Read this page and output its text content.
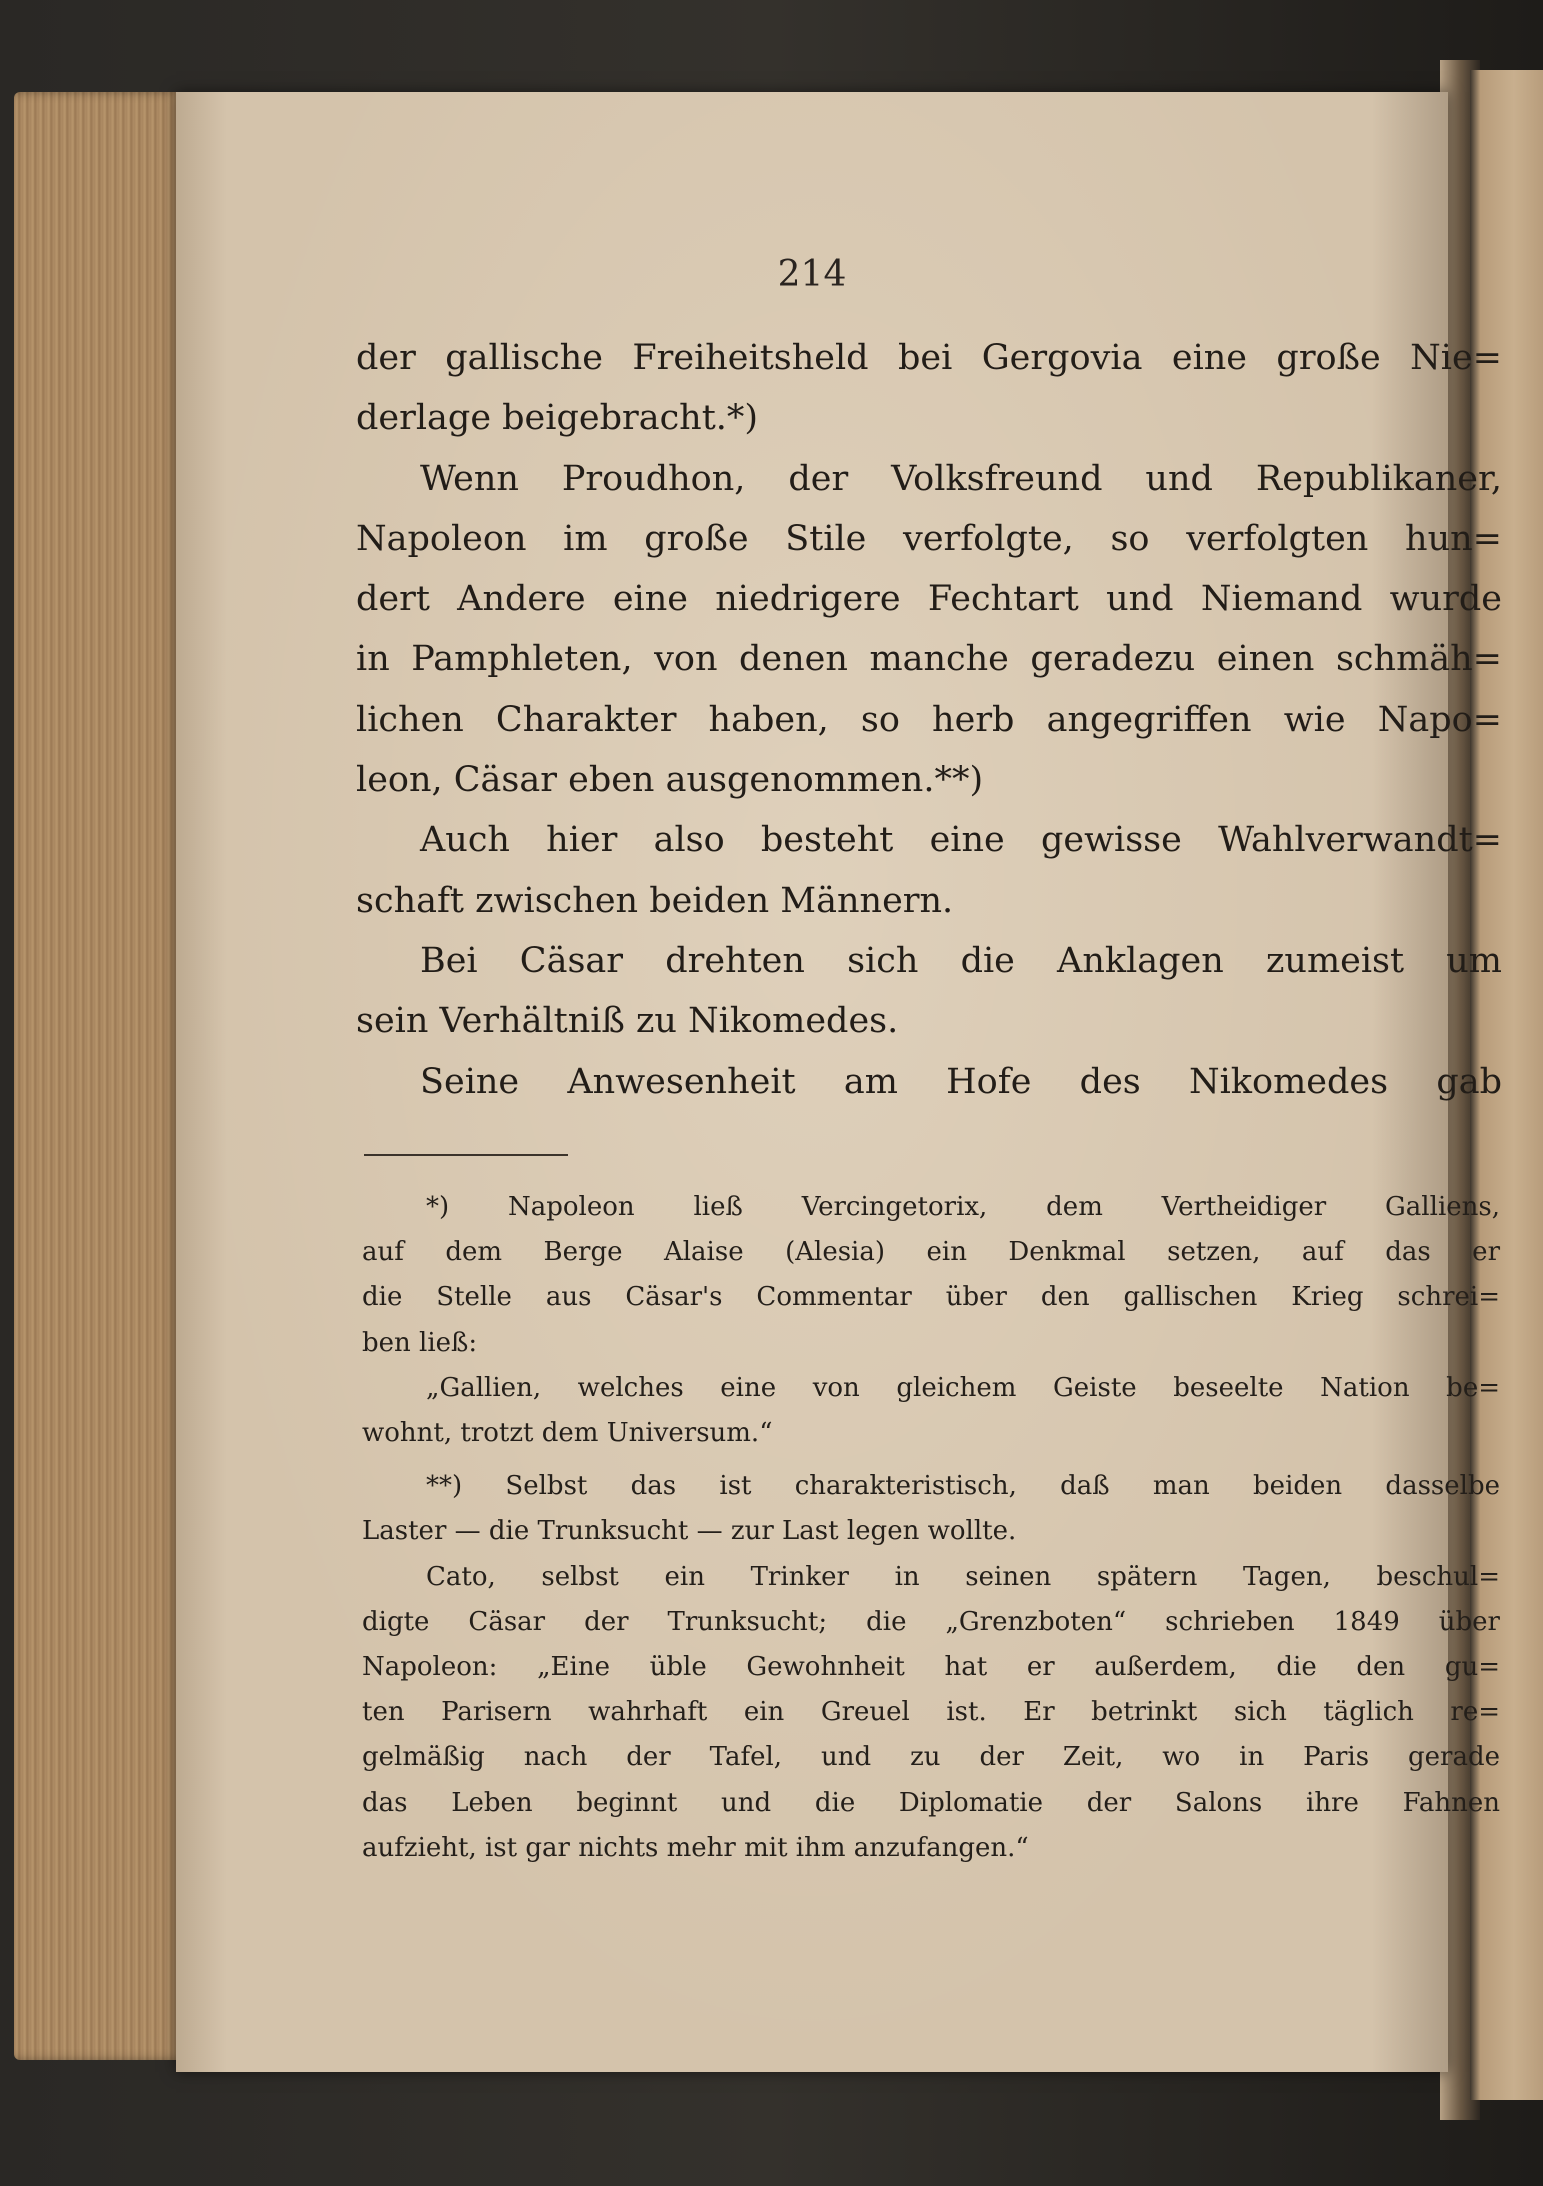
214
der gallische Freiheitsheld bei Gergovia eine große Nie=
derlage beigebracht.*)
Wenn Proudhon, der Volksfreund und Republikaner,
Napoleon im große Stile verfolgte, so verfolgten hun=
dert Andere eine niedrigere Fechtart und Niemand wurde
in Pamphleten, von denen manche geradezu einen schmäh=
lichen Charakter haben, so herb angegriffen wie Napo=
leon, Cäsar eben ausgenommen.**)
Auch hier also besteht eine gewisse Wahlverwandt=
schaft zwischen beiden Männern.
Bei Cäsar drehten sich die Anklagen zumeist um
sein Verhältniß zu Nikomedes.
Seine Anwesenheit am Hofe des Nikomedes gab
*) Napoleon ließ Vercingetorix, dem Vertheidiger Galliens,
auf dem Berge Alaise (Alesia) ein Denkmal setzen, auf das er
die Stelle aus Cäsar's Commentar über den gallischen Krieg schrei=
ben ließ:
„Gallien, welches eine von gleichem Geiste beseelte Nation be=
wohnt, trotzt dem Universum.“
**) Selbst das ist charakteristisch, daß man beiden dasselbe
Laster — die Trunksucht — zur Last legen wollte.
Cato, selbst ein Trinker in seinen spätern Tagen, beschul=
digte Cäsar der Trunksucht; die „Grenzboten“ schrieben 1849 über
Napoleon: „Eine üble Gewohnheit hat er außerdem, die den gu=
ten Parisern wahrhaft ein Greuel ist. Er betrinkt sich täglich re=
gelmäßig nach der Tafel, und zu der Zeit, wo in Paris gerade
das Leben beginnt und die Diplomatie der Salons ihre Fahnen
aufzieht, ist gar nichts mehr mit ihm anzufangen.“
